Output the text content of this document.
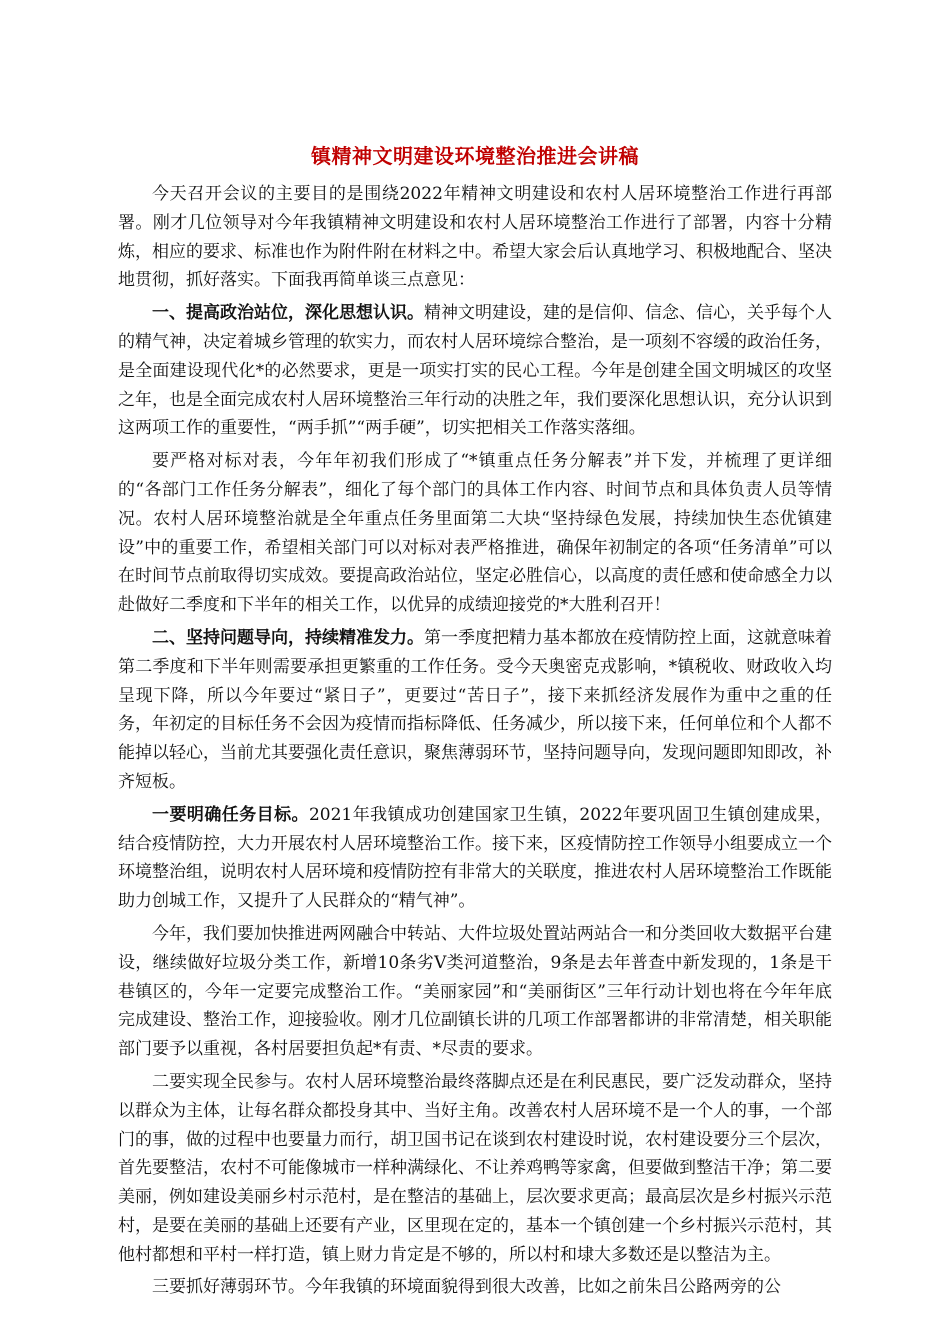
镇精神文明建设环境整治推进会讲稿

今天召开会议的主要目的是围绕2022年精神文明建设和农村人居环境整治工作进行再部署。刚才几位领导对今年我镇精神文明建设和农村人居环境整治工作进行了部署，内容十分精炼，相应的要求、标准也作为附件附在材料之中。希望大家会后认真地学习、积极地配合、坚决地贯彻，抓好落实。下面我再简单谈三点意见：

一、提高政治站位，深化思想认识。精神文明建设，建的是信仰、信念、信心，关乎每个人的精气神，决定着城乡管理的软实力，而农村人居环境综合整治，是一项刻不容缓的政治任务，是全面建设现代化*的必然要求，更是一项实打实的民心工程。今年是创建全国文明城区的攻坚之年，也是全面完成农村人居环境整治三年行动的决胜之年，我们要深化思想认识，充分认识到这两项工作的重要性，“两手抓”“两手硬”，切实把相关工作落实落细。

要严格对标对表，今年年初我们形成了“*镇重点任务分解表”并下发，并梳理了更详细的“各部门工作任务分解表”，细化了每个部门的具体工作内容、时间节点和具体负责人员等情况。农村人居环境整治就是全年重点任务里面第二大块“坚持绿色发展，持续加快生态优镇建设”中的重要工作，希望相关部门可以对标对表严格推进，确保年初制定的各项“任务清单”可以在时间节点前取得切实成效。要提高政治站位，坚定必胜信心，以高度的责任感和使命感全力以赴做好二季度和下半年的相关工作，以优异的成绩迎接党的*大胜利召开！

二、坚持问题导向，持续精准发力。第一季度把精力基本都放在疫情防控上面，这就意味着第二季度和下半年则需要承担更繁重的工作任务。受今天奥密克戎影响，*镇税收、财政收入均呈现下降，所以今年要过“紧日子”，更要过“苦日子”，接下来抓经济发展作为重中之重的任务，年初定的目标任务不会因为疫情而指标降低、任务减少，所以接下来，任何单位和个人都不能掉以轻心，当前尤其要强化责任意识，聚焦薄弱环节，坚持问题导向，发现问题即知即改，补齐短板。

一要明确任务目标。2021年我镇成功创建国家卫生镇，2022年要巩固卫生镇创建成果，结合疫情防控，大力开展农村人居环境整治工作。接下来，区疫情防控工作领导小组要成立一个环境整治组，说明农村人居环境和疫情防控有非常大的关联度，推进农村人居环境整治工作既能助力创城工作，又提升了人民群众的“精气神”。

今年，我们要加快推进两网融合中转站、大件垃圾处置站两站合一和分类回收大数据平台建设，继续做好垃圾分类工作，新增10条劣Ⅴ类河道整治，9条是去年普查中新发现的，1条是干巷镇区的，今年一定要完成整治工作。“美丽家园”和“美丽街区”三年行动计划也将在今年年底完成建设、整治工作，迎接验收。刚才几位副镇长讲的几项工作部署都讲的非常清楚，相关职能部门要予以重视，各村居要担负起*有责、*尽责的要求。

二要实现全民参与。农村人居环境整治最终落脚点还是在利民惠民，要广泛发动群众，坚持以群众为主体，让每名群众都投身其中、当好主角。改善农村人居环境不是一个人的事，一个部门的事，做的过程中也要量力而行，胡卫国书记在谈到农村建设时说，农村建设要分三个层次，首先要整洁，农村不可能像城市一样种满绿化、不让养鸡鸭等家禽，但要做到整洁干净；第二要美丽，例如建设美丽乡村示范村，是在整洁的基础上，层次要求更高；最高层次是乡村振兴示范村，是要在美丽的基础上还要有产业，区里现在定的，基本一个镇创建一个乡村振兴示范村，其他村都想和平村一样打造，镇上财力肯定是不够的，所以村和埭大多数还是以整洁为主。

三要抓好薄弱环节。今年我镇的环境面貌得到很大改善，比如之前朱吕公路两旁的公
